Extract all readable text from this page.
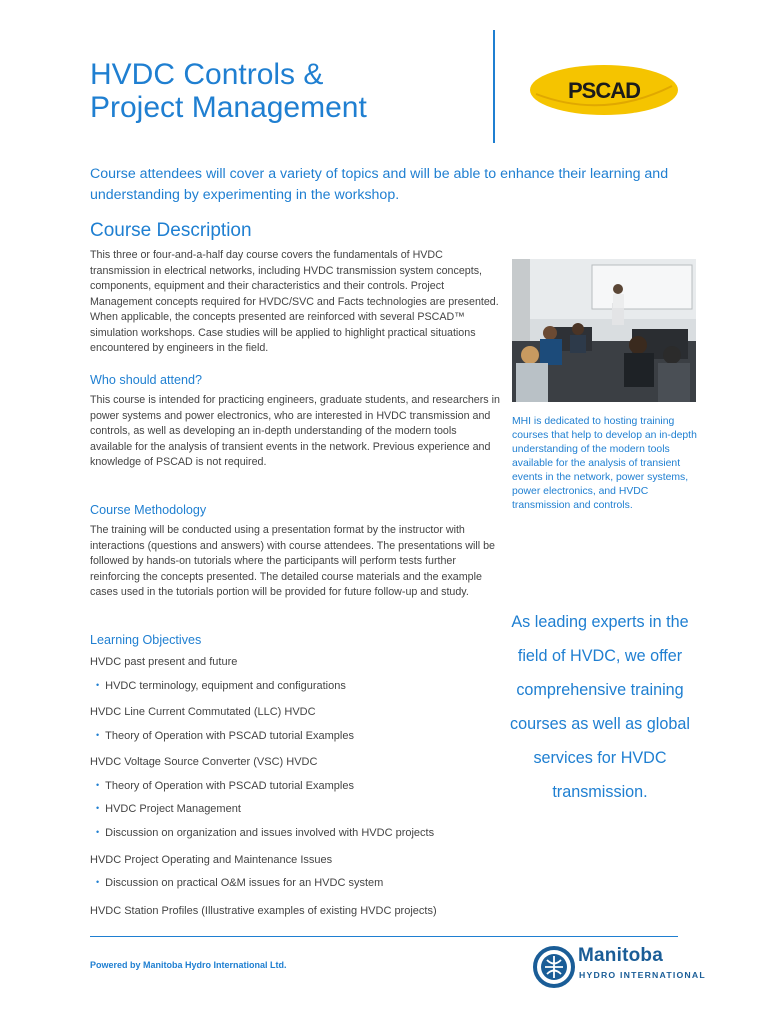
HVDC Controls &
Project Management
PSCAD
Course attendees will cover a variety of topics and will be able to enhance their learning and understanding by experimenting in the workshop.
Course Description
This three or four-and-a-half day course covers the fundamentals of HVDC transmission in electrical networks, including HVDC transmission system concepts, components, equipment and their characteristics and their controls. Project Management concepts required for HVDC/SVC and Facts technologies are presented. When applicable, the concepts presented are reinforced with several PSCAD™ simulation workshops. Case studies will be applied to highlight practical situations encountered by engineers in the field.
Who should attend?
This course is intended for practicing engineers, graduate students, and researchers in power systems and power electronics, who are interested in HVDC transmission and controls, as well as developing an in-depth understanding of the modern tools available for the analysis of transient events in the network. Previous experience and knowledge of PSCAD is not required.
Course Methodology
The training will be conducted using a presentation format by the instructor with interactions (questions and answers) with course attendees. The presentations will be followed by hands-on tutorials where the participants will perform tests further reinforcing the concepts presented. The detailed course materials and the example cases used in the tutorials portion will be provided for future follow-up and study.
Learning Objectives
HVDC past present and future
• HVDC terminology, equipment and configurations
HVDC Line Current Commutated (LLC) HVDC
• Theory of Operation with PSCAD tutorial Examples
HVDC Voltage Source Converter (VSC) HVDC
• Theory of Operation with PSCAD tutorial Examples
• HVDC Project Management
• Discussion on organization and issues involved with HVDC projects
HVDC Project Operating and Maintenance Issues
• Discussion on practical O&M issues for an HVDC system
HVDC Station Profiles (Illustrative examples of existing HVDC projects)
MHI is dedicated to hosting training courses that help to develop an in-depth understanding of the modern tools available for the analysis of transient events in the network, power systems, power electronics, and HVDC transmission and controls.
As leading experts in the field of HVDC, we offer comprehensive training courses as well as global services for HVDC transmission.
Powered by Manitoba Hydro International Ltd.	Manitoba
HYDRO INTERNATIONAL
